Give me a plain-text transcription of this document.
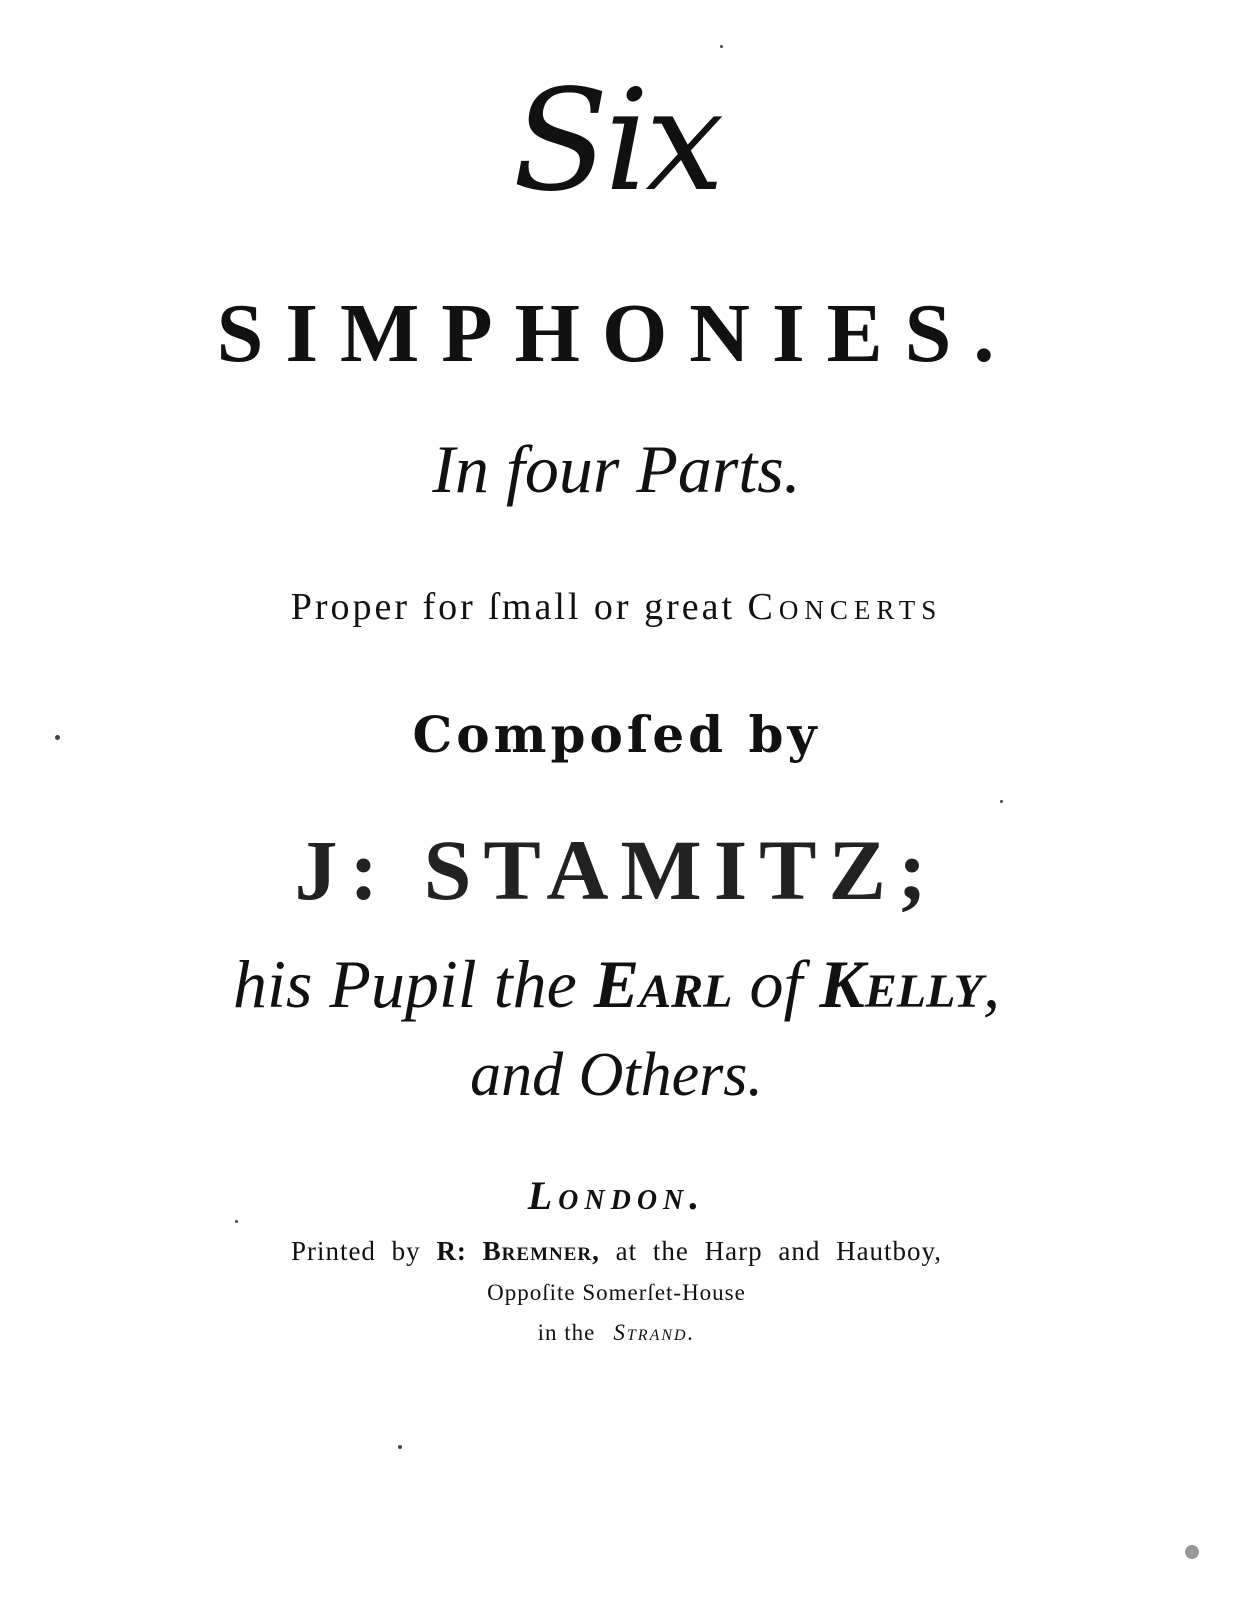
Six
SIMPHONIES.
In four Parts.
Proper for ſmall or great Concerts
Compoſed by
J: STAMITZ;
his Pupil the Earl of Kelly,
and Others.
London.
Printed by R: Bremner, at the Harp and Hautboy,
Oppoſite Somerſet-House
in the Strand.
